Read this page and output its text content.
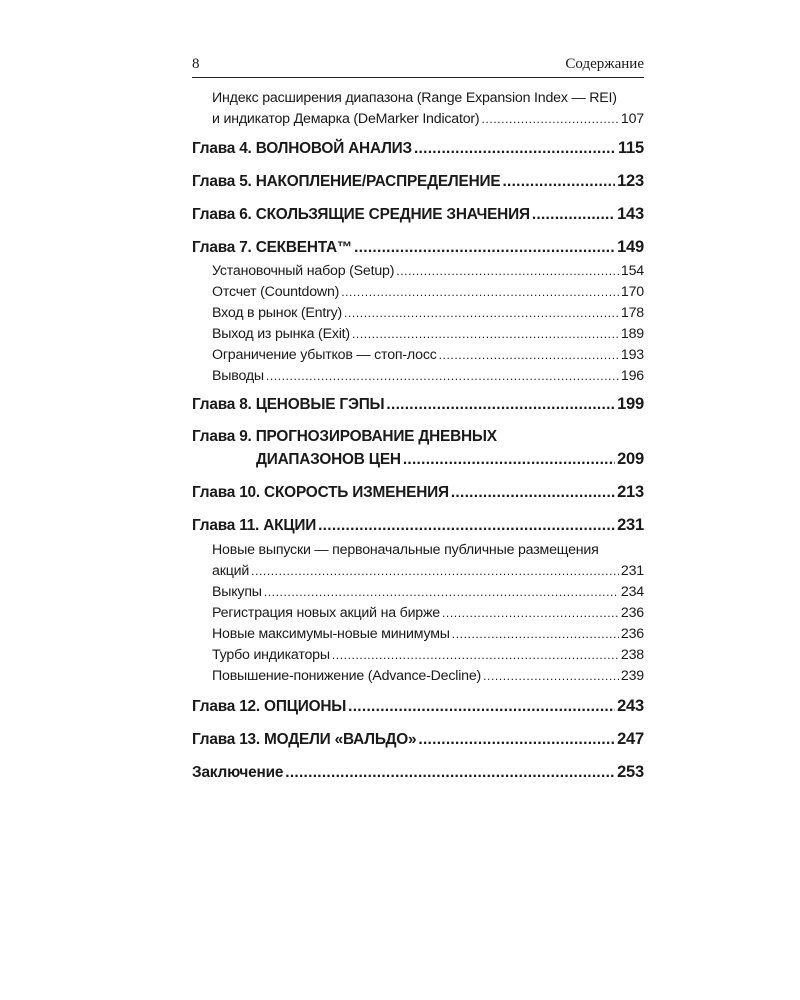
8	Содержание
Индекс расширения диапазона (Range Expansion Index — REI)
и индикатор Демарка (DeMarker Indicator) .....	107
Глава 4. ВОЛНОВОЙ АНАЛИЗ .....	115
Глава 5. НАКОПЛЕНИЕ/РАСПРЕДЕЛЕНИЕ .....	123
Глава 6. СКОЛЬЗЯЩИЕ СРЕДНИЕ ЗНАЧЕНИЯ .....	143
Глава 7. СЕКВЕНТА™ .....	149
Установочный набор (Setup) .....	154
Отсчет (Countdown) .....	170
Вход в рынок (Entry) .....	178
Выход из рынка (Exit) .....	189
Ограничение убытков — стоп-лосс .....	193
Выводы .....	196
Глава 8. ЦЕНОВЫЕ ГЭПЫ .....	199
Глава 9. ПРОГНОЗИРОВАНИЕ ДНЕВНЫХ
ДИАПАЗОНОВ ЦЕН .....	209
Глава 10. СКОРОСТЬ ИЗМЕНЕНИЯ .....	213
Глава 11. АКЦИИ .....	231
Новые выпуски — первоначальные публичные размещения
акций .....	231
Выкупы .....	234
Регистрация новых акций на бирже .....	236
Новые максимумы-новые минимумы .....	236
Турбо индикаторы .....	238
Повышение-понижение (Advance-Decline) .....	239
Глава 12. ОПЦИОНЫ .....	243
Глава 13. МОДЕЛИ «ВАЛЬДО» .....	247
Заключение .....	253
